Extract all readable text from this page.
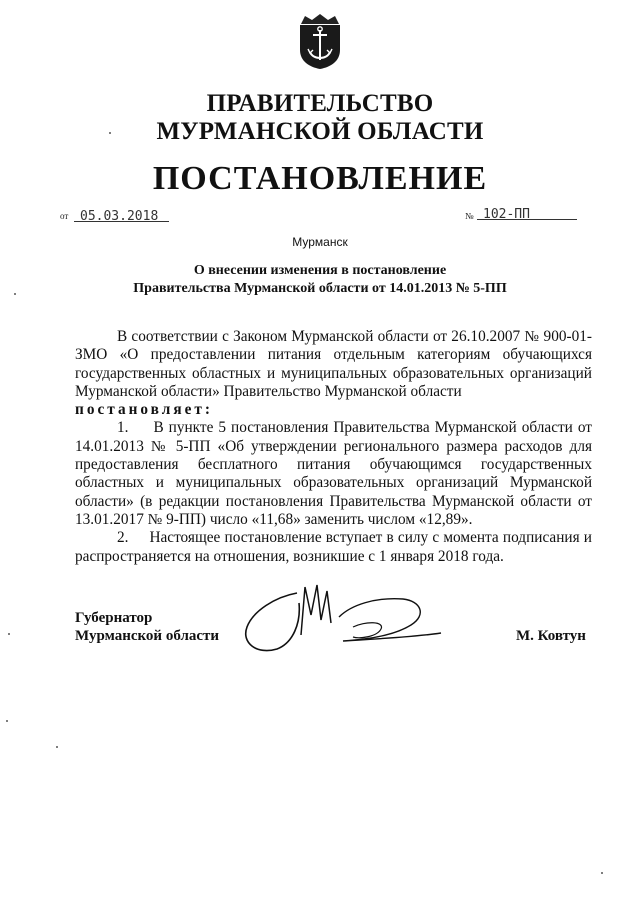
ПРАВИТЕЛЬСТВО
МУРМАНСКОЙ ОБЛАСТИ
ПОСТАНОВЛЕНИЕ
от 05.03.2018	№ 102-ПП
Мурманск
О внесении изменения в постановление
Правительства Мурманской области от 14.01.2013 № 5-ПП

В соответствии с Законом Мурманской области от 26.10.2007 № 900-01-ЗМО «О предоставлении питания отдельным категориям обучающихся государственных областных и муниципальных образовательных организаций Мурманской области» Правительство Мурманской области

постановляет:

1. В пункте 5 постановления Правительства Мурманской области от 14.01.2013 № 5-ПП «Об утверждении регионального размера расходов для предоставления бесплатного питания обучающимся государственных областных и муниципальных образовательных организаций Мурманской области» (в редакции постановления Правительства Мурманской области от 13.01.2017 № 9-ПП) число «11,68» заменить числом «12,89».

2. Настоящее постановление вступает в силу с момента подписания и распространяется на отношения, возникшие с 1 января 2018 года.

Губернатор
Мурманской области	М. Ковтун
